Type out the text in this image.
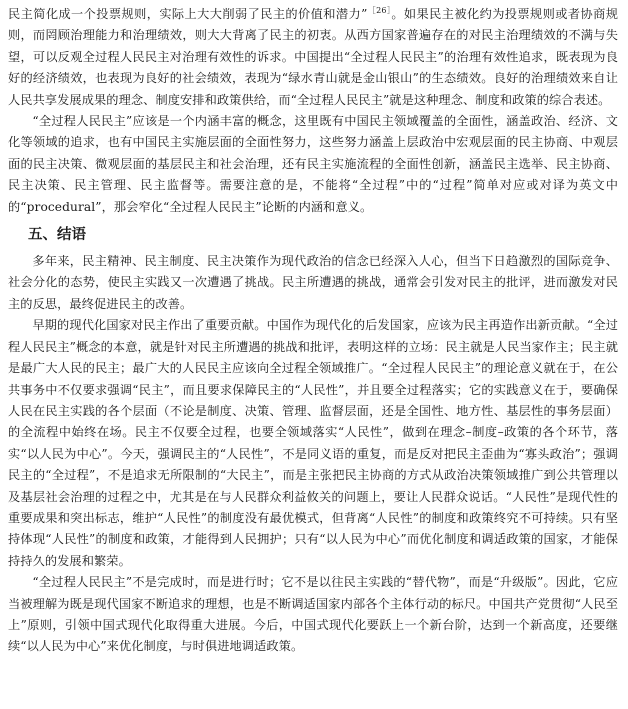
民主简化成一个投票规则，实际上大大削弱了民主的价值和潜力”$^{[26]}$。如果民主被化约为投票规则或者协商规则，而罔顾治理能力和治理绩效，则大大背离了民主的初衷。从西方国家普遍存在的对民主治理绩效的不满与失望，可以反观全过程人民民主对治理有效性的诉求。中国提出“全过程人民民主”的治理有效性追求，既表现为良好的经济绩效，也表现为良好的社会绩效，表现为“绿水青山就是金山银山”的生态绩效。良好的治理绩效来自让人民共享发展成果的理念、制度安排和政策供给，而“全过程人民民主”就是这种理念、制度和政策的综合表述。

“全过程人民民主”应该是一个内涵丰富的概念，这里既有中国民主领域覆盖的全面性，涵盖政治、经济、文化等领域的追求，也有中国民主实施层面的全面性努力，这些努力涵盖上层政治中宏观层面的民主协商、中观层面的民主决策、微观层面的基层民主和社会治理，还有民主实施流程的全面性创新，涵盖民主选举、民主协商、民主决策、民主管理、民主监督等。需要注意的是，不能将“全过程”中的“过程”简单对应或对译为英文中的“procedural”，那会窄化“全过程人民民主”论断的内涵和意义。

五、结语

多年来，民主精神、民主制度、民主决策作为现代政治的信念已经深入人心，但当下日趋激烈的国际竞争、社会分化的态势，使民主实践又一次遭遇了挑战。民主所遭遇的挑战，通常会引发对民主的批评，进而激发对民主的反思，最终促进民主的改善。

早期的现代化国家对民主作出了重要贡献。中国作为现代化的后发国家，应该为民主再造作出新贡献。“全过程人民民主”概念的本意，就是针对民主所遭遇的挑战和批评，表明这样的立场：民主就是人民当家作主；民主就是最广大人民的民主；最广大的人民民主应该向全过程全领域推广。“全过程人民民主”的理论意义就在于，在公共事务中不仅要求强调“民主”，而且要求保障民主的“人民性”，并且要全过程落实；它的实践意义在于，要确保人民在民主实践的各个层面（不论是制度、决策、管理、监督层面，还是全国性、地方性、基层性的事务层面）的全流程中始终在场。民主不仅要全过程，也要全领域落实“人民性”，做到在理念–制度–政策的各个环节，落实“以人民为中心”。今天，强调民主的“人民性”，不是同义语的重复，而是反对把民主歪曲为“寡头政治”；强调民主的“全过程”，不是追求无所限制的“大民主”，而是主张把民主协商的方式从政治决策领域推广到公共管理以及基层社会治理的过程之中，尤其是在与人民群众利益攸关的问题上，要让人民群众说话。“人民性”是现代性的重要成果和突出标志，维护“人民性”的制度没有最优模式，但背离“人民性”的制度和政策终究不可持续。只有坚持体现“人民性”的制度和政策，才能得到人民拥护；只有“以人民为中心”而优化制度和调适政策的国家，才能保持持久的发展和繁荣。

“全过程人民民主”不是完成时，而是进行时；它不是以往民主实践的“替代物”，而是“升级版”。因此，它应当被理解为既是现代国家不断追求的理想，也是不断调适国家内部各个主体行动的标尺。中国共产党贯彻“人民至上”原则，引领中国式现代化取得重大进展。今后，中国式现代化要跃上一个新台阶，达到一个新高度，还要继续“以人民为中心”来优化制度，与时俱进地调适政策。
